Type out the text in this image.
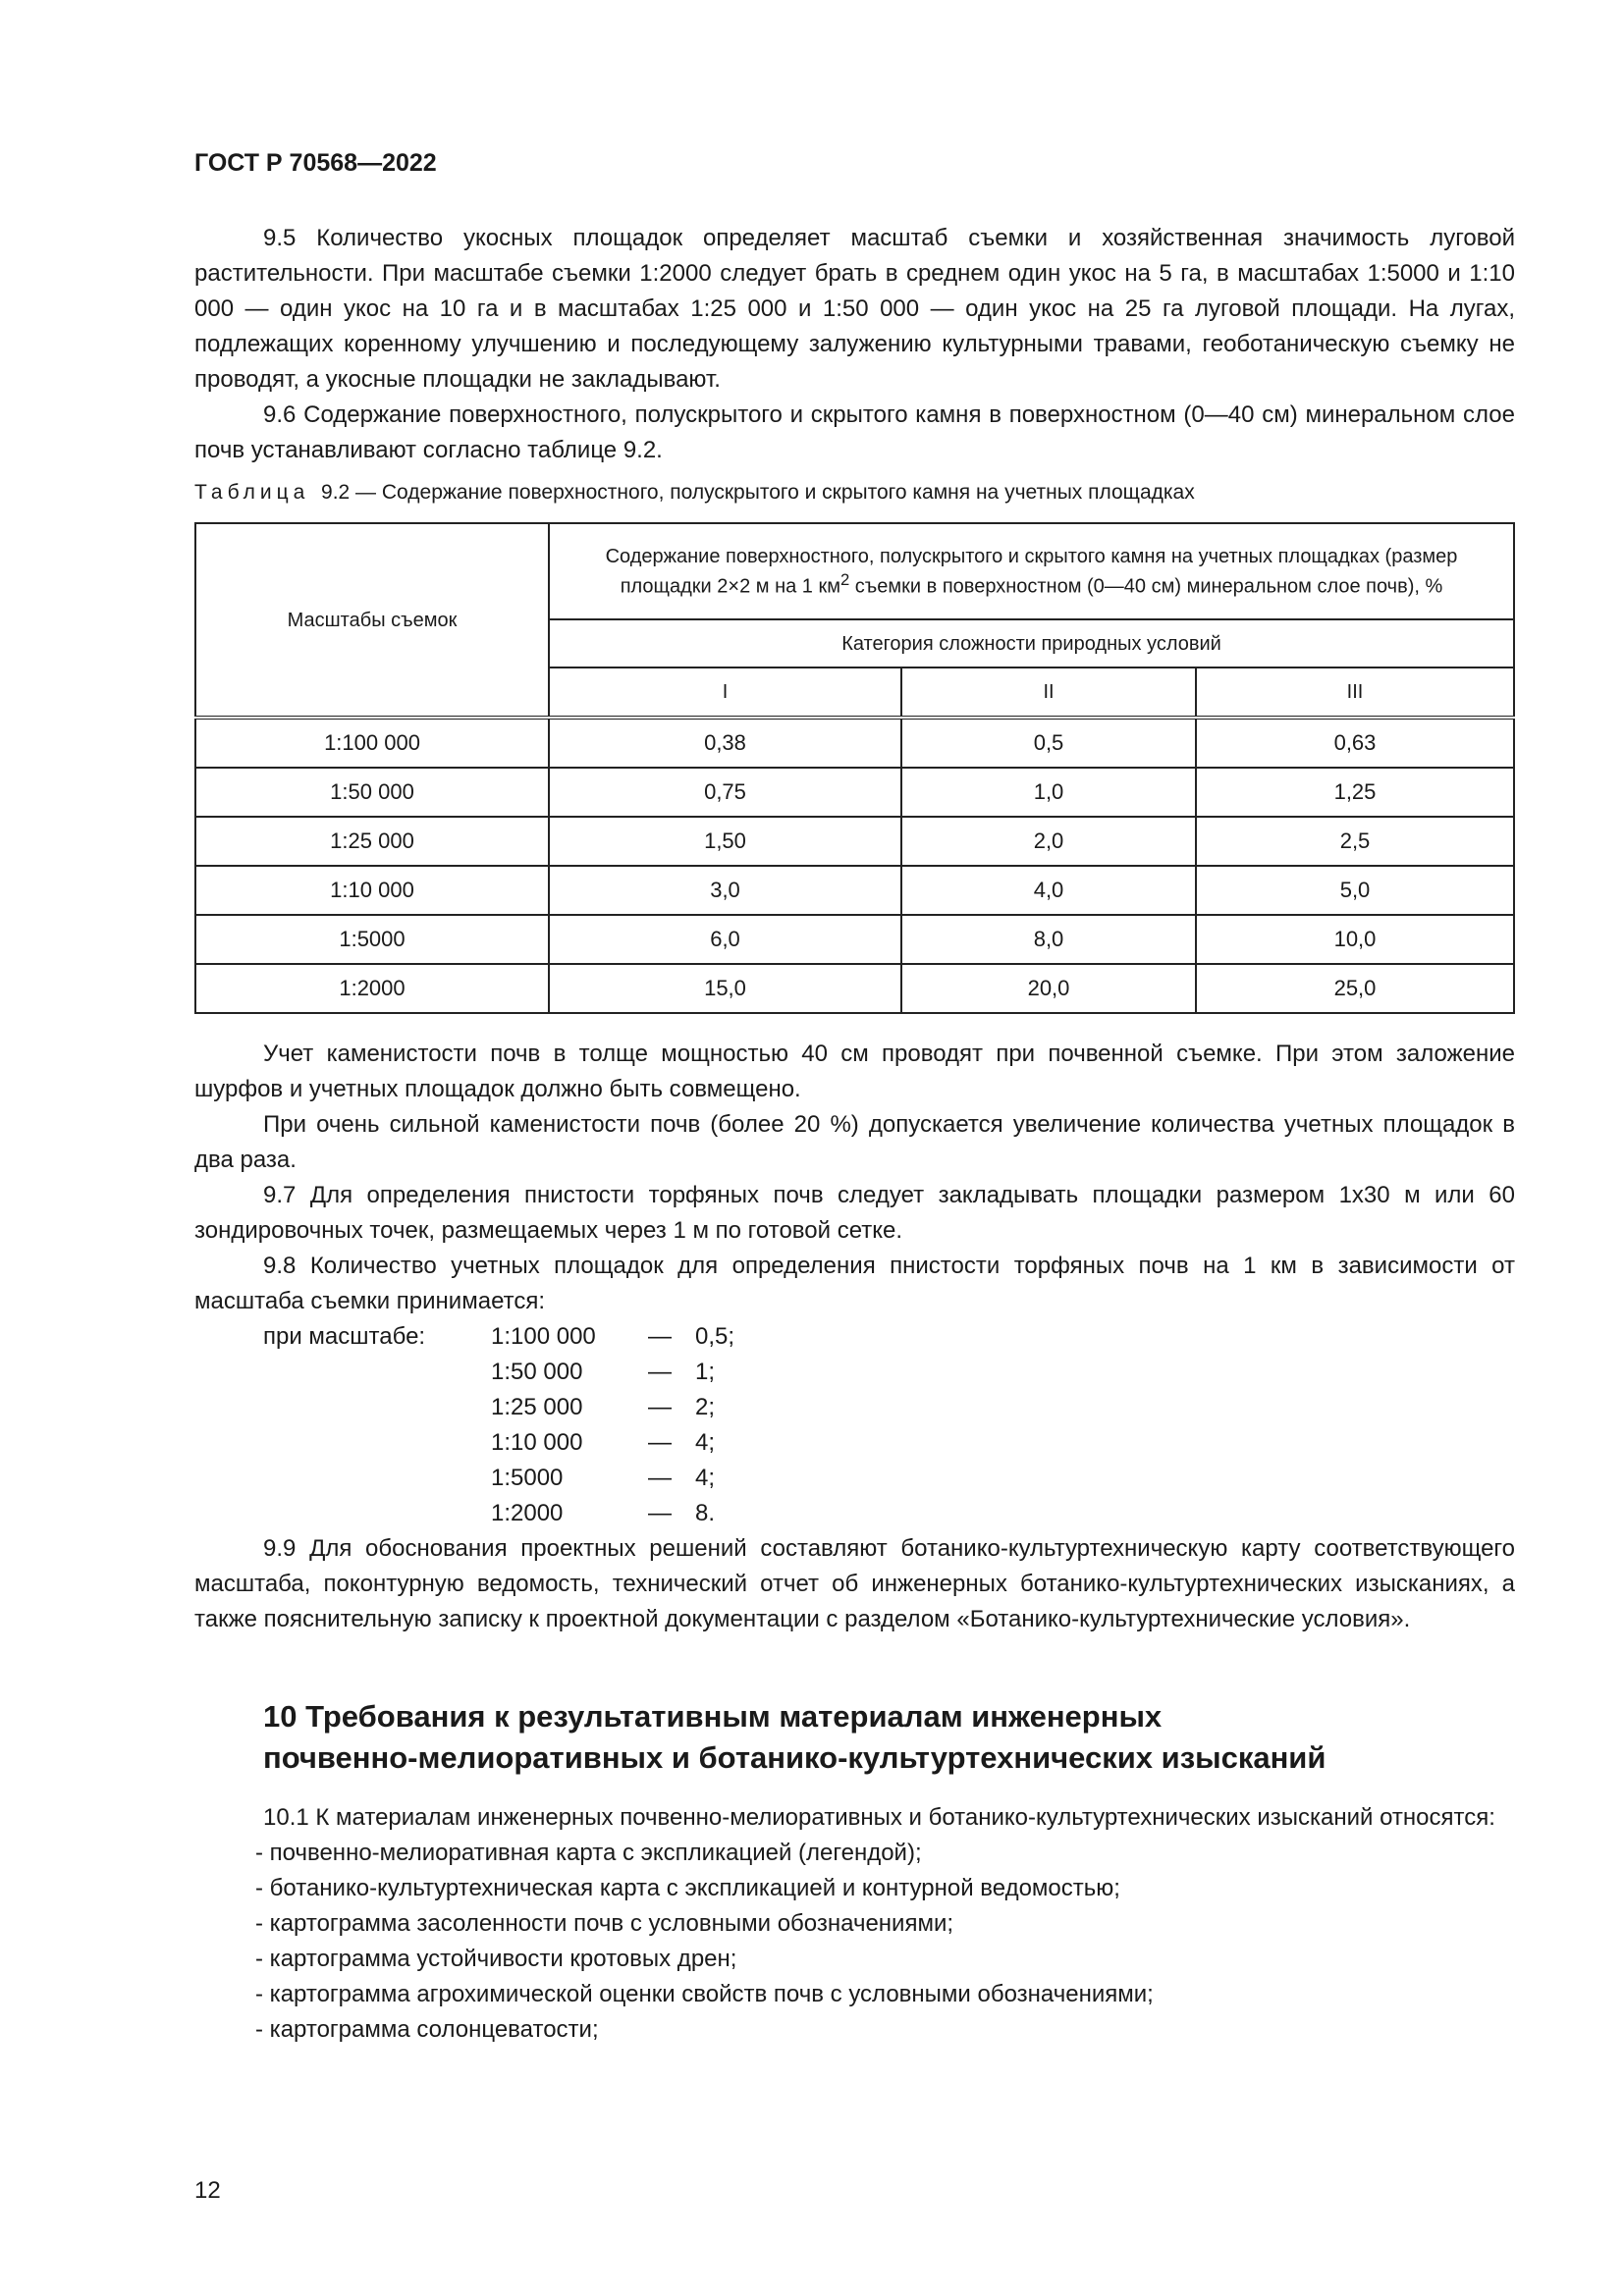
ГОСТ Р 70568—2022

9.5 Количество укосных площадок определяет масштаб съемки и хозяйственная значимость луговой растительности. При масштабе съемки 1:2000 следует брать в среднем один укос на 5 га, в масштабах 1:5000 и 1:10 000 — один укос на 10 га и в масштабах 1:25 000 и 1:50 000 — один укос на 25 га луговой площади. На лугах, подлежащих коренному улучшению и последующему залужению культурными травами, геоботаническую съемку не проводят, а укосные площадки не закладывают.

9.6 Содержание поверхностного, полускрытого и скрытого камня в поверхностном (0—40 см) минеральном слое почв устанавливают согласно таблице 9.2.

Таблица 9.2 — Содержание поверхностного, полускрытого и скрытого камня на учетных площадках
Масштабы съемок	Содержание поверхностного, полускрытого и скрытого камня на учетных площадках (размер площадки 2×2 м на 1 $км^2$ съемки в поверхностном (0—40 см) минеральном слое почв), %		
	Категория сложности природных условий		
	I	II	III
1:100 000	0,38	0,5	0,63
1:50 000	0,75	1,0	1,25
1:25 000	1,50	2,0	2,5
1:10 000	3,0	4,0	5,0
1:5000	6,0	8,0	10,0
1:2000	15,0	20,0	25,0

Учет каменистости почв в толще мощностью 40 см проводят при почвенной съемке. При этом заложение шурфов и учетных площадок должно быть совмещено.

При очень сильной каменистости почв (более 20 %) допускается увеличение количества учетных площадок в два раза.

9.7 Для определения пнистости торфяных почв следует закладывать площадки размером 1х30 м или 60 зондировочных точек, размещаемых через 1 м по готовой сетке.

9.8 Количество учетных площадок для определения пнистости торфяных почв на 1 км в зависимости от масштаба съемки принимается:

при масштабе:	1:100 000	—	0,5;
1:50 000	—	1;
1:25 000	—	2;
1:10 000	—	4;
1:5000	—	4;
1:2000	—	8.

9.9 Для обоснования проектных решений составляют ботанико-культуртехническую карту соответствующего масштаба, поконтурную ведомость, технический отчет об инженерных ботанико-культуртехнических изысканиях, а также пояснительную записку к проектной документации с разделом «Ботанико-культуртехнические условия».

10 Требования к результативным материалам инженерных
почвенно-мелиоративных и ботанико-культуртехнических изысканий

10.1 К материалам инженерных почвенно-мелиоративных и ботанико-культуртехнических изысканий относятся:

- почвенно-мелиоративная карта с экспликацией (легендой);
- ботанико-культуртехническая карта с экспликацией и контурной ведомостью;
- картограмма засоленности почв с условными обозначениями;
- картограмма устойчивости кротовых дрен;
- картограмма агрохимической оценки свойств почв с условными обозначениями;
- картограмма солонцеватости;
12
